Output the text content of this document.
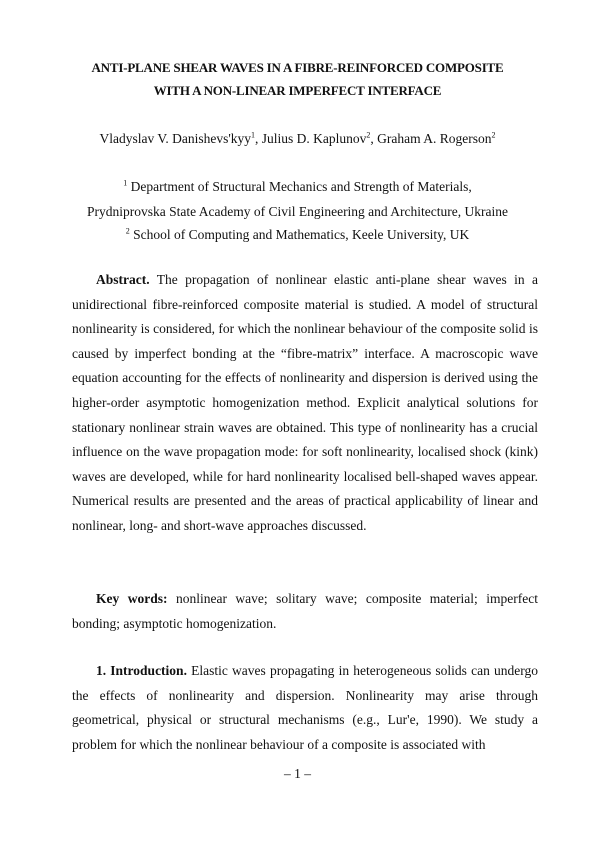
ANTI-PLANE SHEAR WAVES IN A FIBRE-REINFORCED COMPOSITE
WITH A NON-LINEAR IMPERFECT INTERFACE
Vladyslav V. Danishevs'kyy$^1$, Julius D. Kaplunov$^2$, Graham A. Rogerson$^2$
$^1$ Department of Structural Mechanics and Strength of Materials,
Prydniprovska State Academy of Civil Engineering and Architecture, Ukraine
$^2$ School of Computing and Mathematics, Keele University, UK

Abstract. The propagation of nonlinear elastic anti-plane shear waves in a unidirectional fibre-reinforced composite material is studied. A model of structural nonlinearity is considered, for which the nonlinear behaviour of the composite solid is caused by imperfect bonding at the “fibre-matrix” interface. A macroscopic wave equation accounting for the effects of nonlinearity and dispersion is derived using the higher-order asymptotic homogenization method. Explicit analytical solutions for stationary nonlinear strain waves are obtained. This type of nonlinearity has a crucial influence on the wave propagation mode: for soft nonlinearity, localised shock (kink) waves are developed, while for hard nonlinearity localised bell-shaped waves appear. Numerical results are presented and the areas of practical applicability of linear and nonlinear, long- and short-wave approaches discussed.

Key words: nonlinear wave; solitary wave; composite material; imperfect bonding; asymptotic homogenization.

1. Introduction. Elastic waves propagating in heterogeneous solids can undergo the effects of nonlinearity and dispersion. Nonlinearity may arise through geometrical, physical or structural mechanisms (e.g., Lur'e, 1990). We study a problem for which the nonlinear behaviour of a composite is associated with

– 1 –
